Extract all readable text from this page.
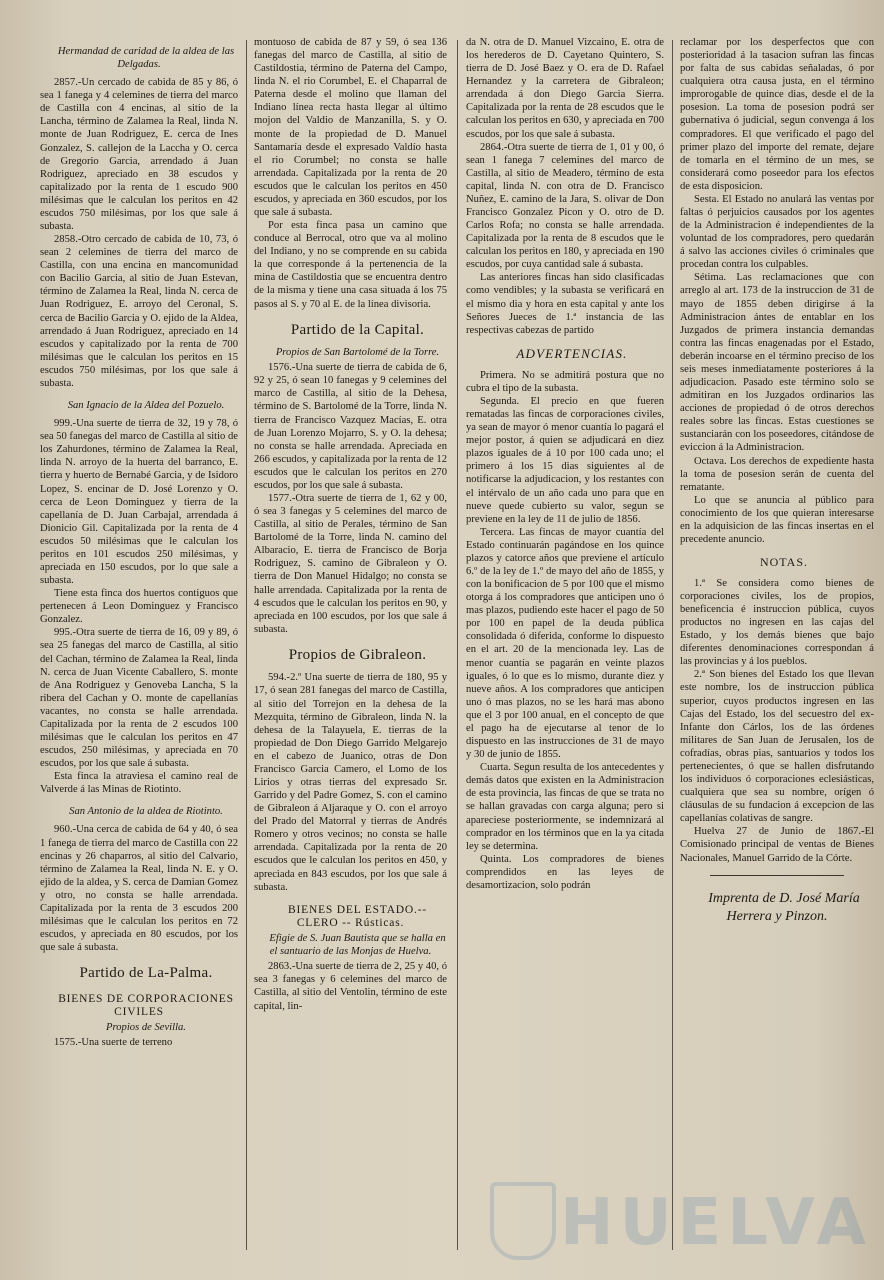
Hermandad de caridad de la aldea de las Delgadas.

2857.-Un cercado de cabida de 85 y 86, ó sea 1 fanega y 4 celemines de tierra del marco de Castilla con 4 encinas, al sitio de la Lancha, término de Zalamea la Real, linda N. monte de Juan Rodriguez, E. cerca de Ines Gonzalez, S. callejon de la Laccha y O. cerca de Gregorio Garcia, arrendado á Juan Rodriguez, apreciado en 38 escudos y capitalizado por la renta de 1 escudo 900 milésimas que le calculan los peritos en 42 escudos 750 milésimas, por los que sale á subasta.

2858.-Otro cercado de cabida de 10, 73, ó sean 2 celemines de tierra del marco de Castilla, con una encina en mancomunidad con Bacilio Garcia, al sitio de Juan Estevan, término de Zalamea la Real, linda N. cerca de Juan Rodriguez, E. arroyo del Ceronal, S. cerca de Bacilio Garcia y O. ejido de la Aldea, arrendado á Juan Rodriguez, apreciado en 14 escudos y capitalizado por la renta de 700 milésimas que le calculan los peritos en 15 escudos 750 milésimas, por los que sale á subasta.

San Ignacio de la Aldea del Pozuelo.

999.-Una suerte de tierra de 32, 19 y 78, ó sea 50 fanegas del marco de Castilla al sitio de los Zahurdones, término de Zalamea la Real, linda N. arroyo de la huerta del barranco, E. tierra y huerto de Bernabé Garcia, y de Isidoro Lopez, S. encinar de D. José Lorenzo y O. cerca de Leon Dominguez y tierra de la capellanía de D. Juan Carbajal, arrendada á Dionicio Gil. Capitalizada por la renta de 4 escudos 50 milésimas que le calculan los peritos en 101 escudos 250 milésimas, y apreciada en 150 escudos, por lo que sale a subasta.

Tiene esta finca dos huertos contiguos que pertenecen á Leon Dominguez y Francisco Gonzalez.

995.-Otra suerte de tierra de 16, 09 y 89, ó sea 25 fanegas del marco de Castilla, al sitio del Cachan, término de Zalamea la Real, linda N. cerca de Juan Vicente Caballero, S. monte de Ana Rodriguez y Genoveba Lancha, S la ribera del Cachan y O. monte de capellanías vacantes, no consta se halle arrendada. Capitalizada por la renta de 2 escudos 100 milésimas que le calculan los peritos en 47 escudos, 250 milésimas, y apreciada en 70 escudos, por los que sale á subasta.

Esta finca la atraviesa el camino real de Valverde á las Minas de Riotinto.

San Antonio de la aldea de Riotinto.

960.-Una cerca de cabida de 64 y 40, ó sea 1 fanega de tierra del marco de Castilla con 22 encinas y 26 chaparros, al sitio del Calvario, término de Zalamea la Real, linda N. E. y O. ejido de la aldea, y S. cerca de Damian Gomez y otro, no consta se halle arrendada. Capitalizada por la renta de 3 escudos 200 milésimas que le calculan los peritos en 72 escudos, y apreciada en 80 escudos, por los que sale á subasta.

Partido de La-Palma.

BIENES DE CORPORACIONES CIVILES

Propios de Sevilla.

1575.-Una suerte de terreno

montuoso de cabida de 87 y 59, ó sea 136 fanegas del marco de Castilla, al sitio de Castildostia, término de Paterna del Campo, linda N. el rio Corumbel, E. el Chaparral de Paterna desde el molino que llaman del Indiano línea recta hasta llegar al último mojon del Valdio de Manzanilla, S. y O. monte de la propiedad de D. Manuel Santamaría desde el expresado Valdío hasta el rio Corumbel; no consta se halle arrendada. Capitalizada por la renta de 20 escudos que le calculan los peritos en 450 escudos, y apreciada en 360 escudos, por los que sale á subasta.

Por esta finca pasa un camino que conduce al Berrocal, otro que va al molino del Indiano, y no se comprende en su cabida la que corresponde á la pertenencia de la mina de Castildostia que se encuentra dentro de la misma y tiene una casa situada á los 75 pasos al S. y 70 al E. de la línea divisoria.

Partido de la Capital.

Propios de San Bartolomé de la Torre.

1576.-Una suerte de tierra de cabida de 6, 92 y 25, ó sean 10 fanegas y 9 celemines del marco de Castilla, al sitio de la Dehesa, término de S. Bartolomé de la Torre, linda N. tierra de Francisco Vazquez Macías, E. otra de Juan Lorenzo Mojarro, S. y O. la dehesa; no consta se halle arrendada. Apreciada en 266 escudos, y capitalizada por la renta de 12 escudos que le calculan los peritos en 270 escudos, por los que sale á subasta.

1577.-Otra suerte de tierra de 1, 62 y 00, ó sea 3 fanegas y 5 celemines del marco de Castilla, al sitio de Perales, término de San Bartolomé de la Torre, linda N. camino del Albaracio, E. tierra de Francisco de Borja Rodriguez, S. camino de Gibraleon y O. tierra de Don Manuel Hidalgo; no consta se halle arrendada. Capitalizada por la renta de 4 escudos que le calculan los peritos en 90, y apreciada en 100 escudos, por los que sale á subasta.

Propios de Gibraleon.

594.-2.º Una suerte de tierra de 180, 95 y 17, ó sean 281 fanegas del marco de Castilla, al sitio del Torrejon en la dehesa de la Mezquita, término de Gibraleon, linda N. la dehesa de la Talayuela, E. tierras de la propiedad de Don Diego Garrido Melgarejo en el cabezo de Juanico, otras de Don Francisco Garcia Camero, el Lomo de los Lirios y otras tierras del expresado Sr. Garrido y del Padre Gomez, S. con el camino de Gibraleon á Aljaraque y O. con el arroyo del Prado del Matorral y tierras de Andrés Romero y otros vecinos; no consta se halle arrendada. Capitalizada por la renta de 20 escudos que le calculan los peritos en 450, y apreciada en 843 escudos, por los que sale á subasta.

BIENES DEL ESTADO.--CLERO -- Rústicas.

Efigie de S. Juan Bautista que se halla en el santuario de las Monjas de Huelva.

2863.-Una suerte de tierra de 2, 25 y 40, ó sea 3 fanegas y 6 celemines del marco de Castilla, al sitio del Ventolin, término de este capital, lin-

da N. otra de D. Manuel Vizcaino, E. otra de los herederos de D. Cayetano Quintero, S. tierra de D. José Baez y O. era de D. Rafael Hernandez y la carretera de Gibraleon; arrendada á don Diego Garcia Sierra. Capitalizada por la renta de 28 escudos que le calculan los peritos en 630, y apreciada en 700 escudos, por los que sale á subasta.

2864.-Otra suerte de tierra de 1, 01 y 00, ó sean 1 fanega 7 celemines del marco de Castilla, al sitio de Meadero, término de esta capital, linda N. con otra de D. Francisco Nuñez, E. camino de la Jara, S. olivar de Don Francisco Gonzalez Picon y O. otro de D. Carlos Rofa; no consta se halle arrendada. Capitalizada por la renta de 8 escudos que le calculan los peritos en 180, y apreciada en 190 escudos, por cuya cantidad sale á subasta.

Las anteriores fincas han sido clasificadas como vendibles; y la subasta se verificará en el mismo dia y hora en esta capital y ante los Señores Jueces de 1.ª instancia de las respectivas cabezas de partido

ADVERTENCIAS.

Primera. No se admitirá postura que no cubra el tipo de la subasta.

Segunda. El precio en que fueren rematadas las fincas de corporaciones civiles, ya sean de mayor ó menor cuantía lo pagará el mejor postor, á quien se adjudicará en diez plazos iguales de á 10 por 100 cada uno; el primero á los 15 dias siguientes al de notificarse la adjudicacion, y los restantes con el intérvalo de un año cada uno para que en nueve quede cubierto su valor, segun se previene en la ley de 11 de julio de 1856.

Tercera. Las fincas de mayor cuantía del Estado continuarán pagándose en los quince plazos y catorce años que previene el artículo 6.º de la ley de 1.º de mayo del año de 1855, y con la bonificacion de 5 por 100 que el mismo otorga á los compradores que anticipen uno ó mas plazos, pudiendo este hacer el pago de 50 por 100 en papel de la deuda pública consolidada ó diferida, conforme lo dispuesto en el art. 20 de la mencionada ley. Las de menor cuantía se pagarán en veinte plazos iguales, ó lo que es lo mismo, durante diez y nueve años. A los compradores que anticipen uno ó mas plazos, no se les hará mas abono que el 3 por 100 anual, en el concepto de que el pago ha de ejecutarse al tenor de lo dispuesto en las instrucciones de 31 de mayo y 30 de junio de 1855.

Cuarta. Segun resulta de los antecedentes y demás datos que existen en la Administracion de esta provincia, las fincas de que se trata no se hallan gravadas con carga alguna; pero si apareciese posteriormente, se indemnizará al comprador en los términos que en la ya citada ley se determina.

Quinta. Los compradores de bienes comprendidos en las leyes de desamortizacion, solo podrán

reclamar por los desperfectos que con posterioridad á la tasacion sufran las fincas por falta de sus cabidas señaladas, ó por cualquiera otra causa justa, en el término improrogable de quince dias, desde el de la posesion. La toma de posesion podrá ser gubernativa ó judicial, segun convenga á los compradores. El que verificado el pago del primer plazo del importe del remate, dejare de tomarla en el término de un mes, se considerará como poseedor para los efectos de esta disposicion.

Sesta. El Estado no anulará las ventas por faltas ó perjuicios causados por los agentes de la Administracion é independientes de la voluntad de los compradores, pero quedarán á salvo las acciones civiles ó criminales que procedan contra los culpables.

Sétima. Las reclamaciones que con arreglo al art. 173 de la instruccion de 31 de mayo de 1855 deben dirigirse á la Administracion ántes de entablar en los Juzgados de primera instancia demandas contra las fincas enagenadas por el Estado, deberán incoarse en el término preciso de los seis meses inmediatamente posteriores á la adjudicacion. Pasado este término solo se admitiran en los Juzgados ordinarios las acciones de propiedad ó de otros derechos reales sobre las fincas. Estas cuestiones se sustanciarán con los poseedores, citándose de eviccion á la Administracion.

Octava. Los derechos de expediente hasta la toma de posesion serán de cuenta del rematante.

Lo que se anuncia al público para conocimiento de los que quieran interesarse en la adquisicion de las fincas insertas en el precedente anuncio.

NOTAS.

1.ª Se considera como bienes de corporaciones civiles, los de propios, beneficencia é instruccion pública, cuyos productos no ingresen en las cajas del Estado, y los demás bienes que bajo diferentes denominaciones correspondan á las provincias y á los pueblos.

2.ª Son bienes del Estado los que llevan este nombre, los de instruccion pública superior, cuyos productos ingresen en las Cajas del Estado, los del secuestro del ex-Infante don Cárlos, los de las órdenes militares de San Juan de Jerusalen, los de cofradías, obras pias, santuarios y todos los pertenecientes, ó que se hallen disfrutando los individuos ó corporaciones eclesiásticas, cualquiera que sea su nombre, orígen ó cláusulas de su fundacion á excepcion de las capellanías colativas de sangre.

Huelva 27 de Junio de 1867.-El Comisionado principal de ventas de Bienes Nacionales, Manuel Garrido de la Córte.

Imprenta de D. José María Herrera y Pinzon.

HUELVA
